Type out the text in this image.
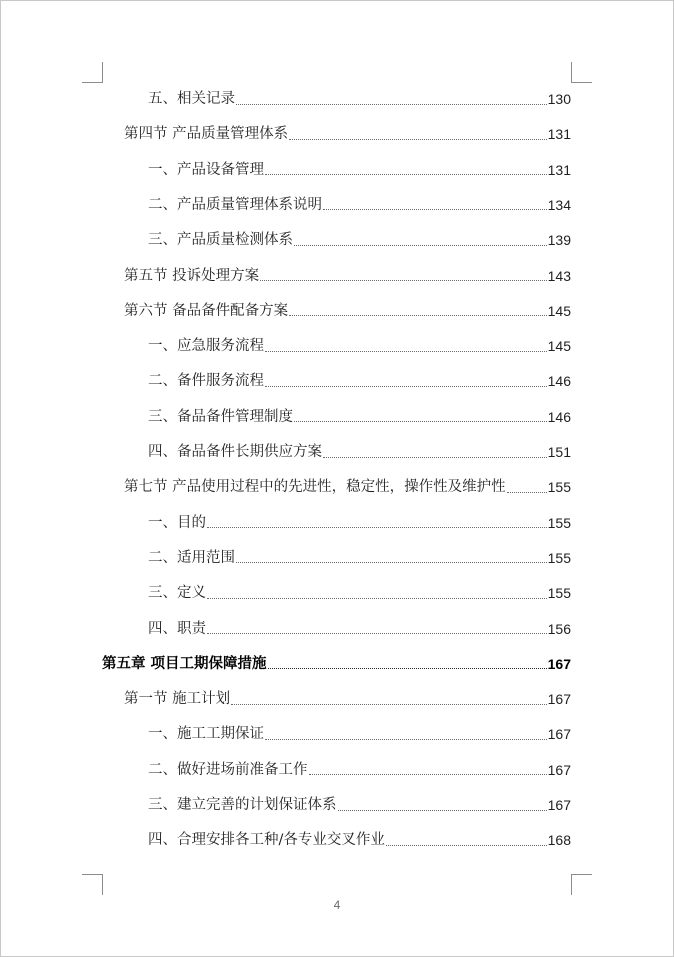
五、相关记录	130
第四节 产品质量管理体系	131
一、产品设备管理	131
二、产品质量管理体系说明	134
三、产品质量检测体系	139
第五节 投诉处理方案	143
第六节 备品备件配备方案	145
一、应急服务流程	145
二、备件服务流程	146
三、备品备件管理制度	146
四、备品备件长期供应方案	151
第七节 产品使用过程中的先进性，稳定性，操作性及维护性	155
一、目的	155
二、适用范围	155
三、定义	155
四、职责	156
第五章 项目工期保障措施	167
第一节 施工计划	167
一、施工工期保证	167
二、做好进场前准备工作	167
三、建立完善的计划保证体系	167
四、合理安排各工种/各专业交叉作业	168
4
